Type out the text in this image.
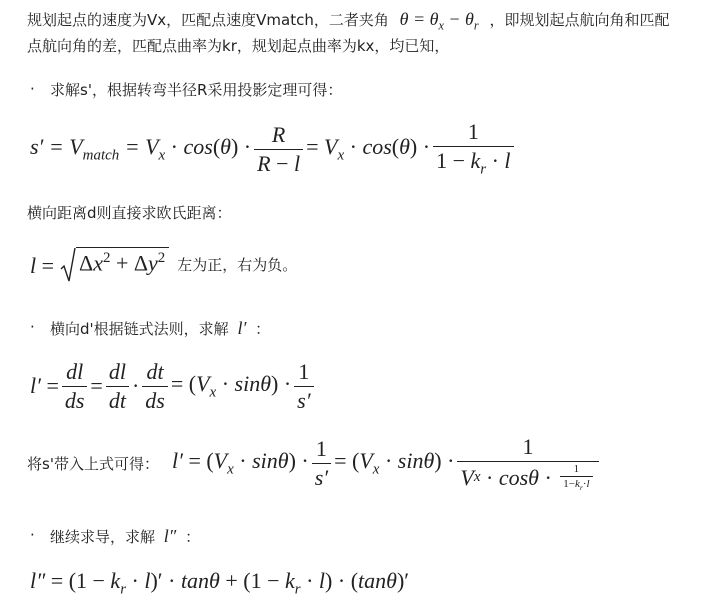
规划起点的速度为Vx，匹配点速度Vmatch，二者夹角 $\theta = \theta_x - \theta_r$ ，即规划起点航向角和匹配
点航向角的差，匹配点曲率为kr，规划起点曲率为kx，均已知，
· 求解s'，根据转弯半径R采用投影定理可得：
$s' = V_{match} = V_x \cdot \cos(\theta) \cdot \frac{R}{R - l} = V_x \cdot \cos(\theta) \cdot \frac{1}{1 - k_r \cdot l}$
横向距离d则直接求欧氏距离：
$l = \Delta x^2 + \Delta y^2$ 左为正，右为负。
· 横向d'根据链式法则，求解 l′ ：
$l' = \frac{dl}{ds} = \frac{dl}{dt} \cdot \frac{dt}{ds} = (V_x \cdot \sin\theta) \cdot \frac{1}{s'}$
将s'带入上式可得： $l' = (V_x \cdot \sin\theta) \cdot \frac{1}{s'} = (V_x \cdot \sin\theta) \cdot \frac{1}{V x \cdot \cos\theta \cdot \frac{1}{1-k_r\cdot l}}$
· 继续求导，求解 l″ ：
$l'' = (1 - k_r \cdot l)' \cdot \tan\theta + (1 - k_r \cdot l) \cdot (\tan\theta)'$
